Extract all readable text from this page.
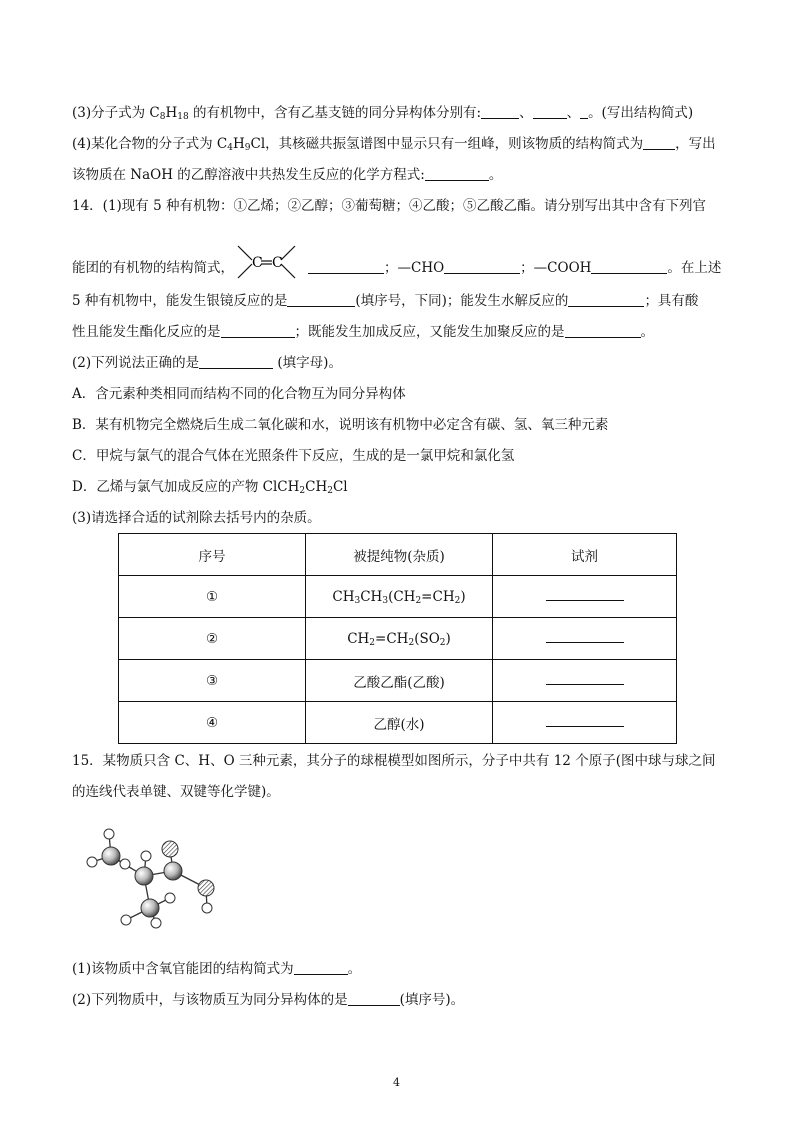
(3)分子式为 $C_8H_{18}$ 的有机物中，含有乙基支链的同分异构体分别有:	、	、 。(写出结构简式)
(4)某化合物的分子式为 $C_4H_9Cl$，其核磁共振氢谱图中显示只有一组峰，则该物质的结构简式为 ，写出
该物质在 NaOH 的乙醇溶液中共热发生反应的化学方程式:	。
14．(1)现有 5 种有机物：①乙烯；②乙醇；③葡萄糖；④乙酸；⑤乙酸乙酯。请分别写出其中含有下列官
能团的有机物的结构简式， C C	；—CHO	；—COOH	。在上述
5 种有机物中，能发生银镜反应的是	(填序号，下同)；能发生水解反应的	；具有酸
性且能发生酯化反应的是	；既能发生加成反应，又能发生加聚反应的是	。
(2)下列说法正确的是	(填字母)。
A．含元素种类相同而结构不同的化合物互为同分异构体
B．某有机物完全燃烧后生成二氧化碳和水，说明该有机物中必定含有碳、氢、氧三种元素
C．甲烷与氯气的混合气体在光照条件下反应，生成的是一氯甲烷和氯化氢
D．乙烯与氯气加成反应的产物 $ClCH_2CH_2Cl$
(3)请选择合适的试剂除去括号内的杂质。
序号	被提纯物(杂质)	试剂
①	$CH_3CH_3(CH_2=CH_2)$	
②	$CH_2=CH_2(SO_2)$	
③	乙酸乙酯(乙酸)	
④	乙醇(水)	
15．某物质只含 C、H、O 三种元素，其分子的球棍模型如图所示，分子中共有 12 个原子(图中球与球之间
的连线代表单键、双键等化学键)。
(1)该物质中含氧官能团的结构简式为	。
(2)下列物质中，与该物质互为同分异构体的是	(填序号)。
4
